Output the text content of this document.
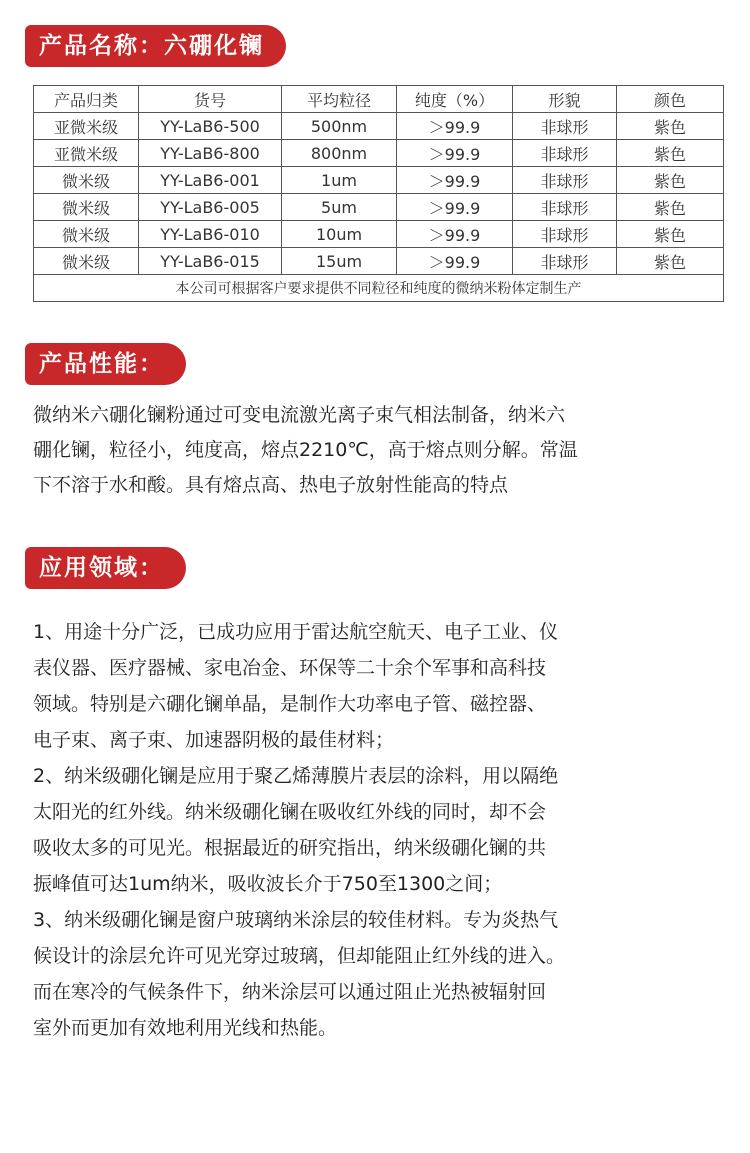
产品名称：六硼化镧
产品归类	货号	平均粒径	纯度（%）	形貌	颜色
亚微米级	YY-LaB6-500	500nm	＞99.9	非球形	紫色
亚微米级	YY-LaB6-800	800nm	＞99.9	非球形	紫色
微米级	YY-LaB6-001	1um	＞99.9	非球形	紫色
微米级	YY-LaB6-005	5um	＞99.9	非球形	紫色
微米级	YY-LaB6-010	10um	＞99.9	非球形	紫色
微米级	YY-LaB6-015	15um	＞99.9	非球形	紫色
本公司可根据客户要求提供不同粒径和纯度的微纳米粉体定制生产					
产品性能：
微纳米六硼化镧粉通过可变电流激光离子束气相法制备，纳米六
硼化镧，粒径小，纯度高，熔点2210℃，高于熔点则分解。常温
下不溶于水和酸。具有熔点高、热电子放射性能高的特点
应用领域：
1、用途十分广泛，已成功应用于雷达航空航天、电子工业、仪
表仪器、医疗器械、家电冶金、环保等二十余个军事和高科技
领域。特别是六硼化镧单晶，是制作大功率电子管、磁控器、
电子束、离子束、加速器阴极的最佳材料；
2、纳米级硼化镧是应用于聚乙烯薄膜片表层的涂料，用以隔绝
太阳光的红外线。纳米级硼化镧在吸收红外线的同时，却不会
吸收太多的可见光。根据最近的研究指出，纳米级硼化镧的共
振峰值可达1um纳米，吸收波长介于750至1300之间；
3、纳米级硼化镧是窗户玻璃纳米涂层的较佳材料。专为炎热气
候设计的涂层允许可见光穿过玻璃，但却能阻止红外线的进入。
而在寒冷的气候条件下，纳米涂层可以通过阻止光热被辐射回
室外而更加有效地利用光线和热能。
